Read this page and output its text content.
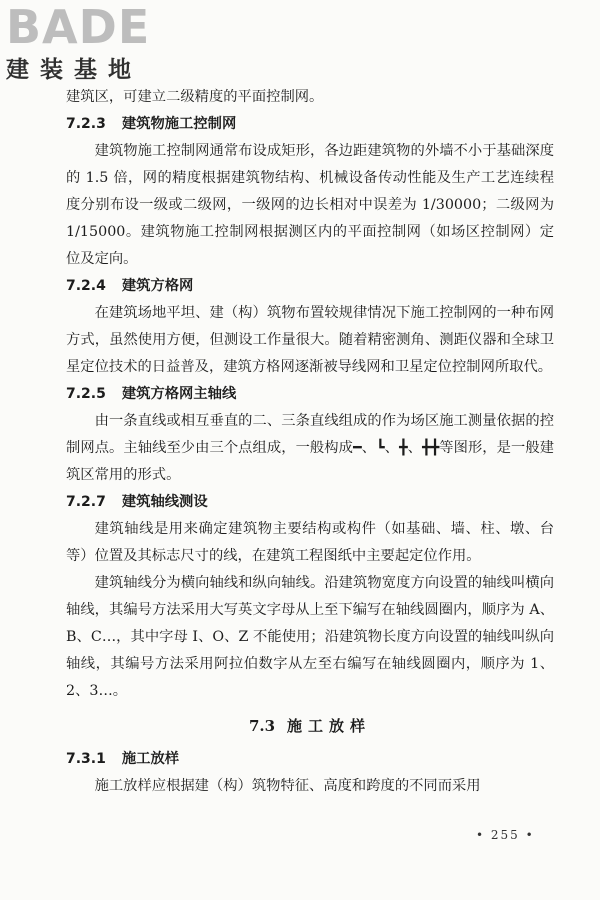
BADE
建装基地

建筑区，可建立二级精度的平面控制网。

7.2.3 建筑物施工控制网

建筑物施工控制网通常布设成矩形，各边距建筑物的外墙不小于基础深度的 1.5 倍，网的精度根据建筑物结构、机械设备传动性能及生产工艺连续程度分别布设一级或二级网，一级网的边长相对中误差为 1/30000；二级网为 1/15000。建筑物施工控制网根据测区内的平面控制网（如场区控制网）定位及定向。

7.2.4 建筑方格网

在建筑场地平坦、建（构）筑物布置较规律情况下施工控制网的一种布网方式，虽然使用方便，但测设工作量很大。随着精密测角、测距仪器和全球卫星定位技术的日益普及，建筑方格网逐渐被导线网和卫星定位控制网所取代。

7.2.5 建筑方格网主轴线

由一条直线或相互垂直的二、三条直线组成的作为场区施工测量依据的控制网点。主轴线至少由三个点组成，一般构成━、┗、╋、╋╋等图形，是一般建筑区常用的形式。

7.2.7 建筑轴线测设

建筑轴线是用来确定建筑物主要结构或构件（如基础、墙、柱、墩、台等）位置及其标志尺寸的线，在建筑工程图纸中主要起定位作用。

建筑轴线分为横向轴线和纵向轴线。沿建筑物宽度方向设置的轴线叫横向轴线，其编号方法采用大写英文字母从上至下编写在轴线圆圈内，顺序为 A、B、C…，其中字母 I、O、Z 不能使用；沿建筑物长度方向设置的轴线叫纵向轴线，其编号方法采用阿拉伯数字从左至右编写在轴线圆圈内，顺序为 1、2、3…。

7.3 施工放样

7.3.1 施工放样

施工放样应根据建（构）筑物特征、高度和跨度的不同而采用

• 255 •
